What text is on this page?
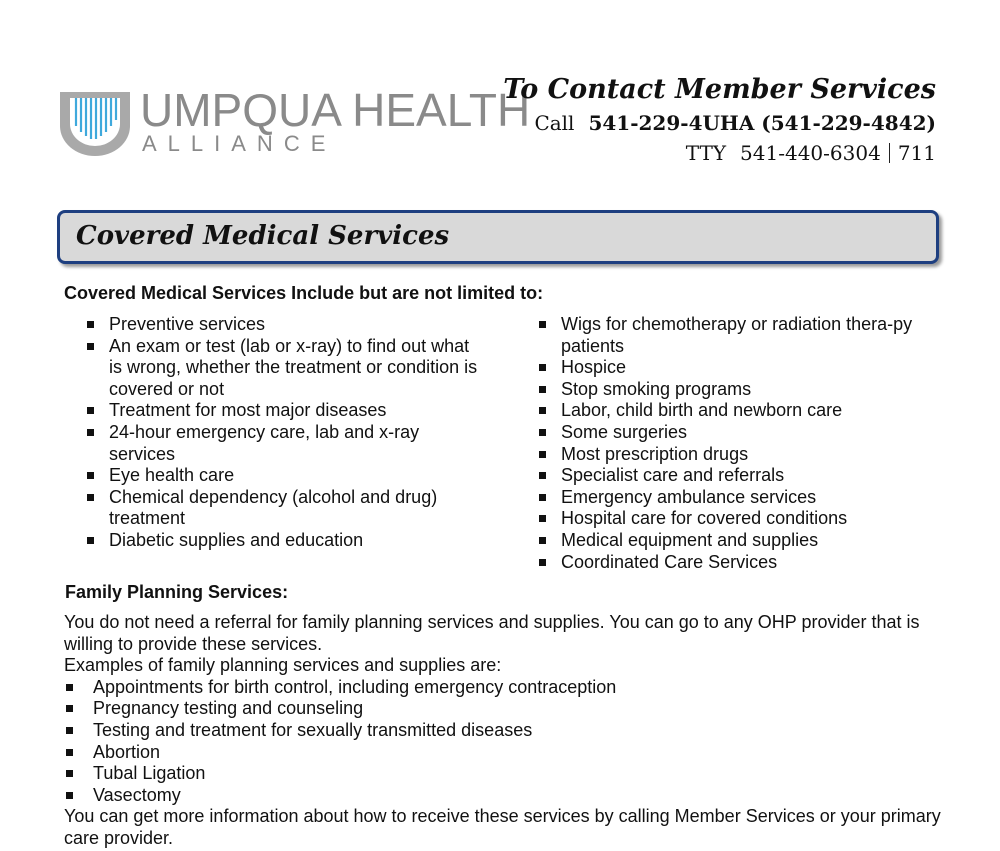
UMPQUA HEALTH
ALLIANCE
To Contact Member Services
Call 541-229-4UHA (541-229-4842)
TTY 541-440-6304 711
Covered Medical Services
Covered Medical Services Include but are not limited to:
Preventive services
An exam or test (lab or x-ray) to find out what is wrong, whether the treatment or condition is covered or not
Treatment for most major diseases
24-hour emergency care, lab and x-ray services
Eye health care
Chemical dependency (alcohol and drug) treatment
Diabetic supplies and education
Wigs for chemotherapy or radiation thera-py patients
Hospice
Stop smoking programs
Labor, child birth and newborn care
Some surgeries
Most prescription drugs
Specialist care and referrals
Emergency ambulance services
Hospital care for covered conditions
Medical equipment and supplies
Coordinated Care Services
Family Planning Services:

You do not need a referral for family planning services and supplies. You can go to any OHP provider that is willing to provide these services.

Examples of family planning services and supplies are:

Appointments for birth control, including emergency contraception
Pregnancy testing and counseling
Testing and treatment for sexually transmitted diseases
Abortion
Tubal Ligation
Vasectomy

You can get more information about how to receive these services by calling Member Services or your primary care provider.
